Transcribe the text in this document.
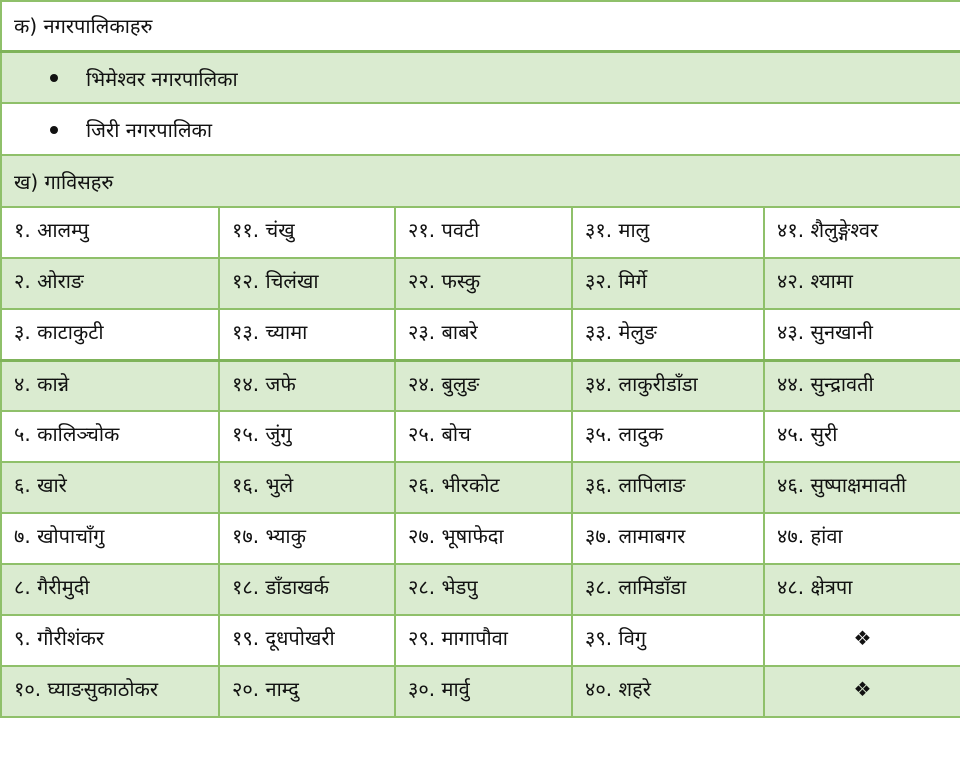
क) नगरपालिकाहरु				
भिमेश्वर नगरपालिका				
जिरी नगरपालिका				
ख) गाविसहरु				
१. आलम्पु	११. चंखु	२१. पवटी	३१. मालु	४१. शैलुङ्गेश्वर
२. ओराङ	१२. चिलंखा	२२. फस्कु	३२. मिर्गे	४२. श्यामा
३. काटाकुटी	१३. च्यामा	२३. बाबरे	३३. मेलुङ	४३. सुनखानी
४. कान्ने	१४. जफे	२४. बुलुङ	३४. लाकुरीडाँडा	४४. सुन्द्रावती
५. कालिञ्चोक	१५. जुंगु	२५. बोच	३५. लादुक	४५. सुरी
६. खारे	१६. भुले	२६. भीरकोट	३६. लापिलाङ	४६. सुष्पाक्षमावती
७. खोपाचाँगु	१७. भ्याकु	२७. भूषाफेदा	३७. लामाबगर	४७. हांवा
८. गैरीमुदी	१८. डाँडाखर्क	२८. भेडपु	३८. लामिडाँडा	४८. क्षेत्रपा
९. गौरीशंकर	१९. दूधपोखरी	२९. मागापौवा	३९. विगु	❖
१०. घ्याङसुकाठोकर	२०. नाम्दु	३०. मार्वु	४०. शहरे	❖
